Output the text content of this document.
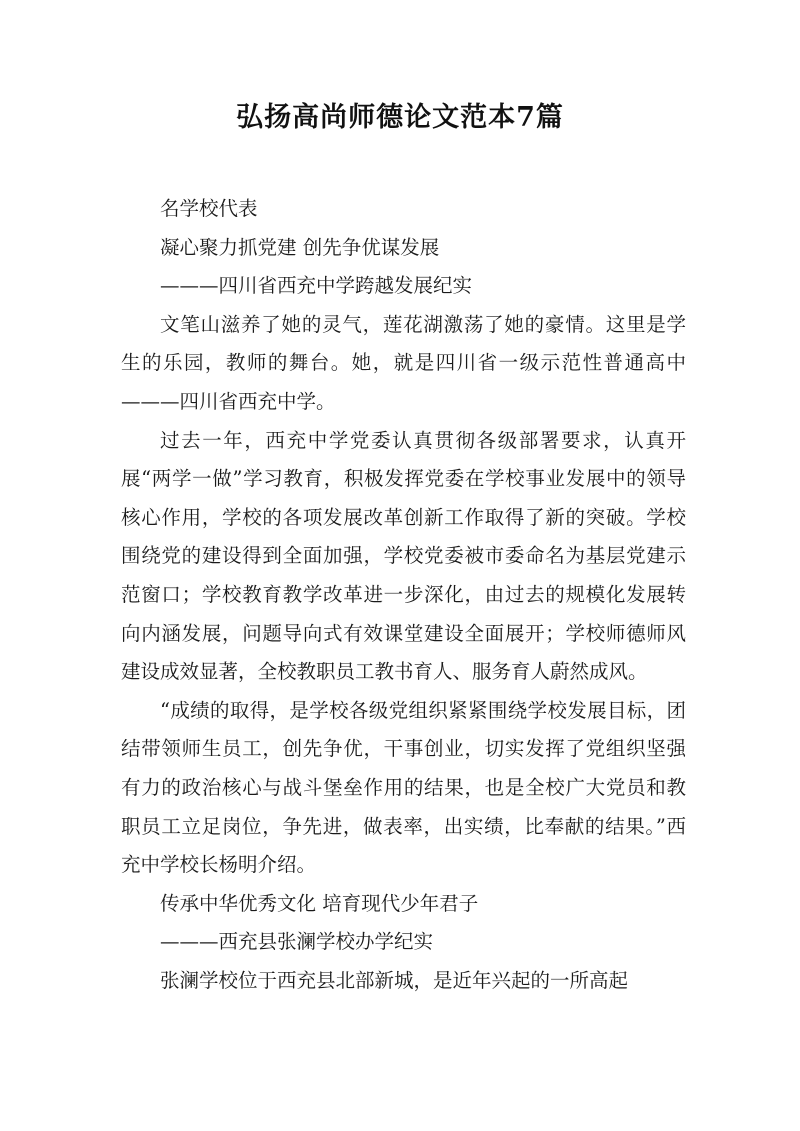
弘扬高尚师德论文范本7篇

名学校代表

凝心聚力抓党建 创先争优谋发展

———四川省西充中学跨越发展纪实

文笔山滋养了她的灵气，莲花湖激荡了她的豪情。这里是学生的乐园，教师的舞台。她，就是四川省一级示范性普通高中———四川省西充中学。

过去一年，西充中学党委认真贯彻各级部署要求，认真开展“两学一做”学习教育，积极发挥党委在学校事业发展中的领导核心作用，学校的各项发展改革创新工作取得了新的突破。学校围绕党的建设得到全面加强，学校党委被市委命名为基层党建示范窗口；学校教育教学改革进一步深化，由过去的规模化发展转向内涵发展，问题导向式有效课堂建设全面展开；学校师德师风建设成效显著，全校教职员工教书育人、服务育人蔚然成风。

“成绩的取得，是学校各级党组织紧紧围绕学校发展目标，团结带领师生员工，创先争优，干事创业，切实发挥了党组织坚强有力的政治核心与战斗堡垒作用的结果，也是全校广大党员和教职员工立足岗位，争先进，做表率，出实绩，比奉献的结果。”西充中学校长杨明介绍。

传承中华优秀文化 培育现代少年君子

———西充县张澜学校办学纪实

张澜学校位于西充县北部新城，是近年兴起的一所高起
